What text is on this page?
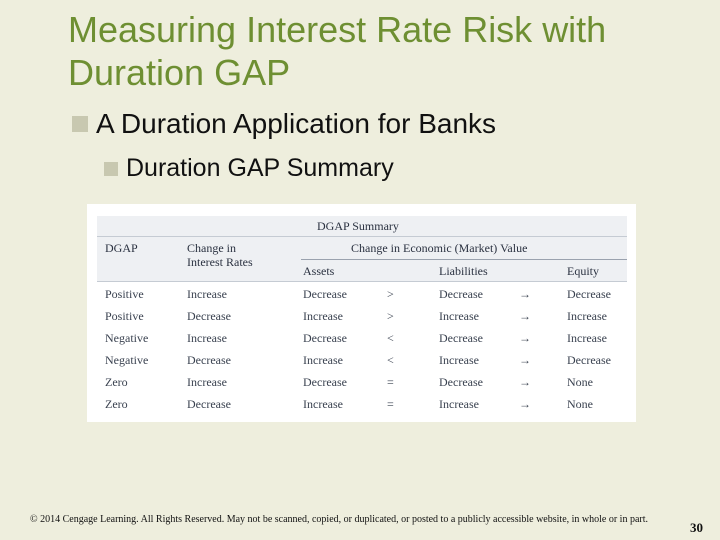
Measuring Interest Rate Risk with Duration GAP
A Duration Application for Banks
Duration GAP Summary
DGAP Summary
DGAP	Change in
Interest Rates
Change in Economic (Market) Value
Assets	Liabilities	Equity
Positive	Increase	Decrease	>	Decrease	→	Decrease
Positive	Decrease	Increase	>	Increase	→	Increase
Negative	Increase	Decrease	<	Decrease	→	Increase
Negative	Decrease	Increase	<	Increase	→	Decrease
Zero	Increase	Decrease	=	Decrease	→	None
Zero	Decrease	Increase	=	Increase	→	None
© 2014 Cengage Learning. All Rights Reserved. May not be scanned, copied, or duplicated, or posted to a publicly accessible website, in whole or in part.
30
